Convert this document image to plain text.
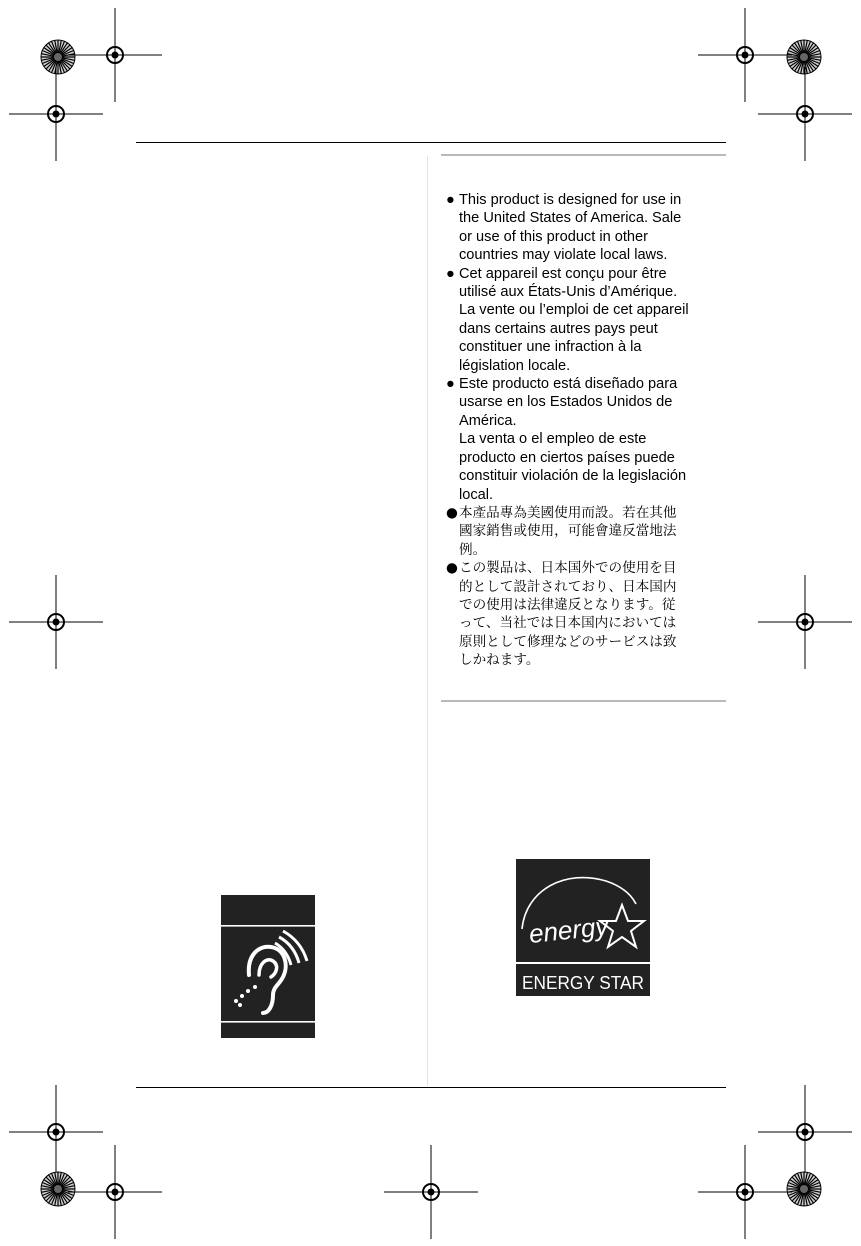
● This product is designed for use in
the United States of America. Sale
or use of this product in other
countries may violate local laws.
● Cet appareil est conçu pour être
utilisé aux États-Unis d’Amérique.
La vente ou l’emploi de cet appareil
dans certains autres pays peut
constituer une infraction à la
législation locale.
● Este producto está diseñado para
usarse en los Estados Unidos de
América.
La venta o el empleo de este
producto en ciertos países puede
constituir violación de la legislación
local.
● 本產品專為美國使用而設。若在其他
國家銷售或使用，可能會違反當地法
例。
● この製品は、日本国外での使用を目
的として設計されており、日本国内
での使用は法律違反となります。従
って、当社では日本国内においては
原則として修理などのサービスは致
しかねます。
energy
ENERGY STAR
